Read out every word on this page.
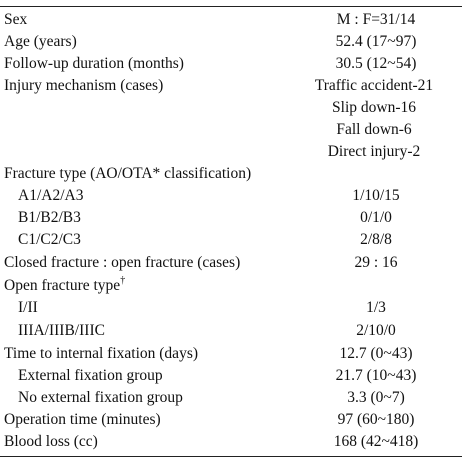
Sex	M : F=31/14
Age (years)	52.4 (17~97)
Follow-up duration (months)	30.5 (12~54)
Injury mechanism (cases)	Traffic accident-21
Slip down-16
Fall down-6
Direct injury-2
Fracture type (AO/OTA* classification)
A1/A2/A3	1/10/15
B1/B2/B3	0/1/0
C1/C2/C3	2/8/8
Closed fracture : open fracture (cases)	29 : 16
Open fracture type†
I/II	1/3
IIIA/IIIB/IIIC	2/10/0
Time to internal fixation (days)	12.7 (0~43)
External fixation group	21.7 (10~43)
No external fixation group	3.3 (0~7)
Operation time (minutes)	97 (60~180)
Blood loss (cc)	168 (42~418)
